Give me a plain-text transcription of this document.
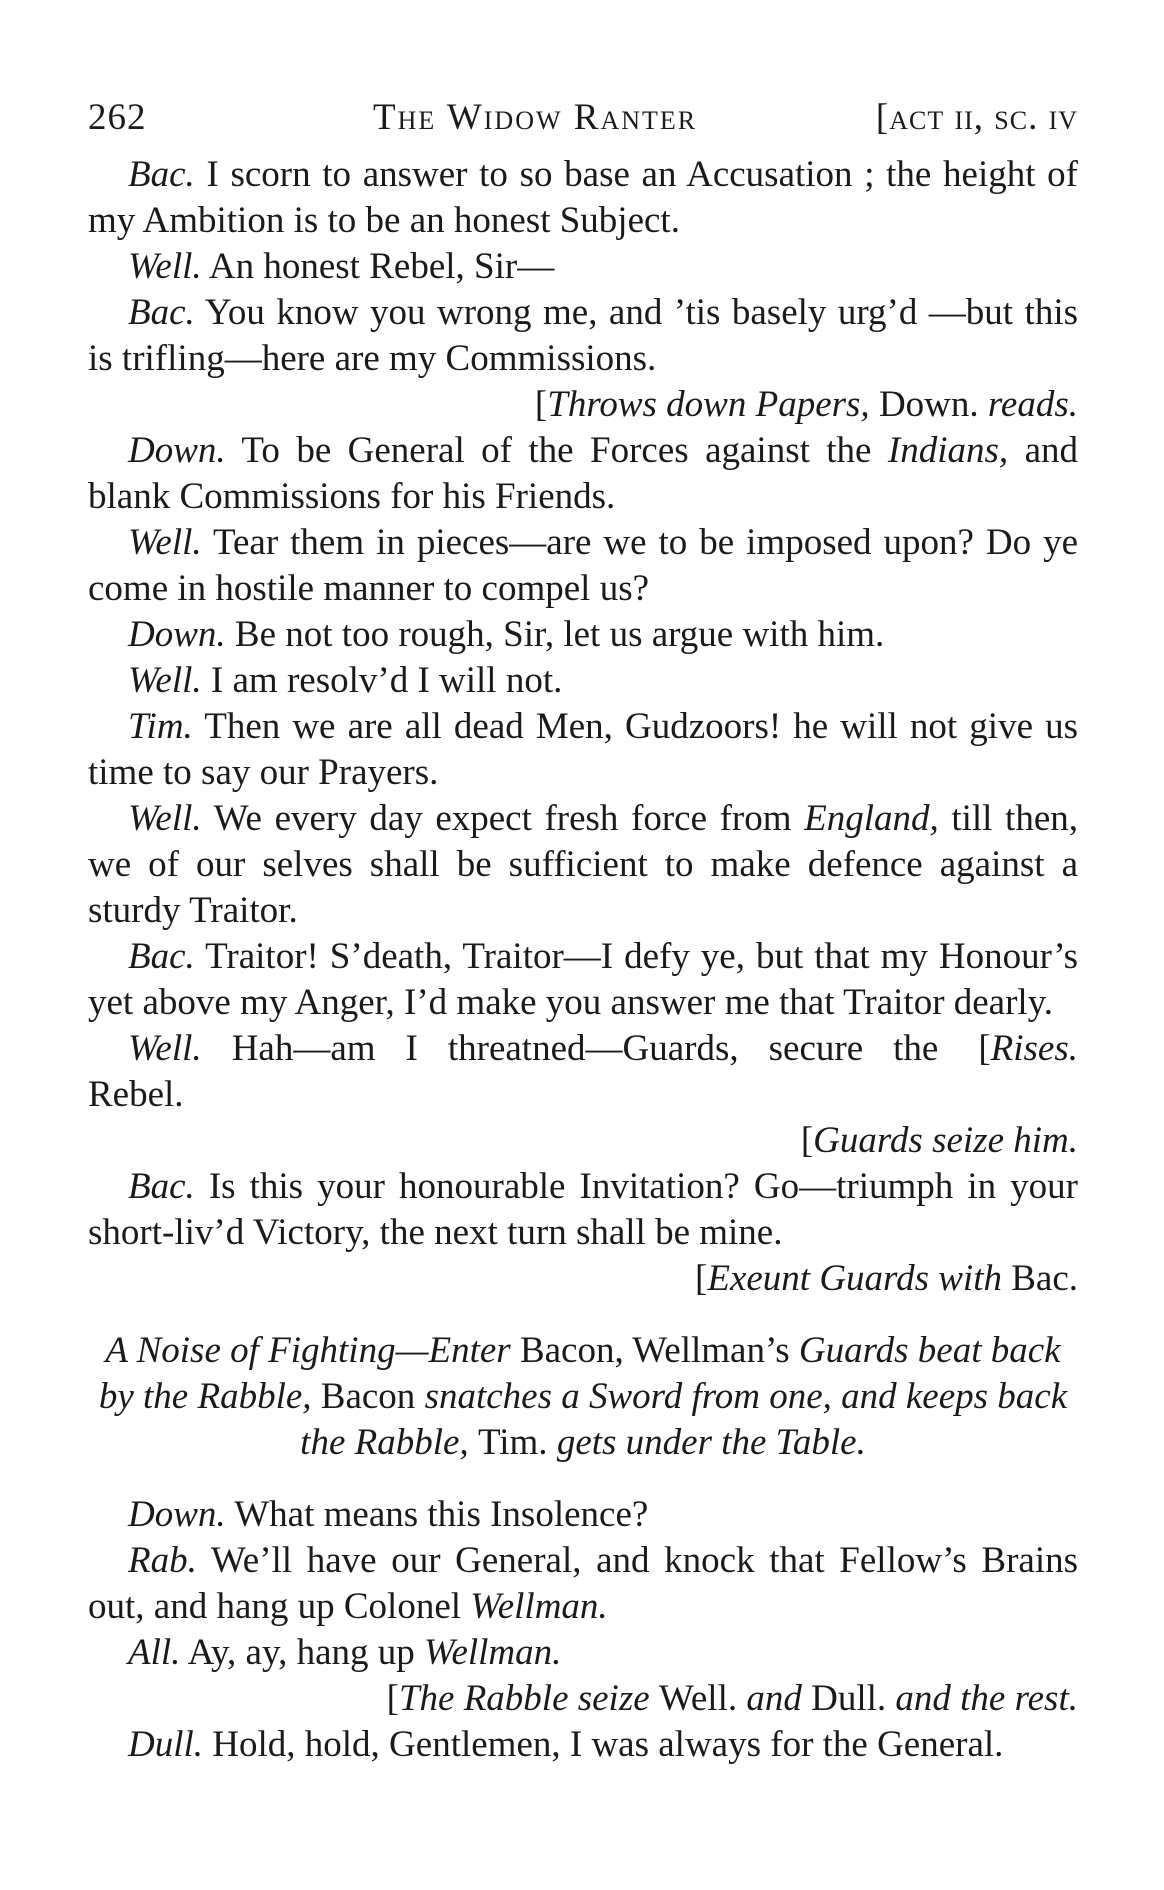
262	The Widow Ranter	[act ii, sc. iv

Bac. I scorn to answer to so base an Accusation ; the height of my Ambition is to be an honest Subject.

Well. An honest Rebel, Sir—

Bac. You know you wrong me, and ’tis basely urg’d —but this is trifling—here are my Commissions.

[Throws down Papers, Down. reads.

Down. To be General of the Forces against the Indians, and blank Commissions for his Friends.

Well. Tear them in pieces—are we to be imposed upon? Do ye come in hostile manner to compel us?

Down. Be not too rough, Sir, let us argue with him.

Well. I am resolv’d I will not.

Tim. Then we are all dead Men, Gudzoors! he will not give us time to say our Prayers.

Well. We every day expect fresh force from England, till then, we of our selves shall be sufficient to make defence against a sturdy Traitor.

Bac. Traitor! S’death, Traitor—I defy ye, but that my Honour’s yet above my Anger, I’d make you answer me that Traitor dearly.
[Rises.

Well. Hah—am I threatned—Guards, secure the Rebel.

[Guards seize him.

Bac. Is this your honourable Invitation? Go—triumph in your short-liv’d Victory, the next turn shall be mine.

[Exeunt Guards with Bac.

A Noise of Fighting—Enter Bacon, Wellman’s Guards beat back by the Rabble, Bacon snatches a Sword from one, and keeps back the Rabble, Tim. gets under the Table.

Down. What means this Insolence?

Rab. We’ll have our General, and knock that Fellow’s Brains out, and hang up Colonel Wellman.

All. Ay, ay, hang up Wellman.

[The Rabble seize Well. and Dull. and the rest.

Dull. Hold, hold, Gentlemen, I was always for the General.
